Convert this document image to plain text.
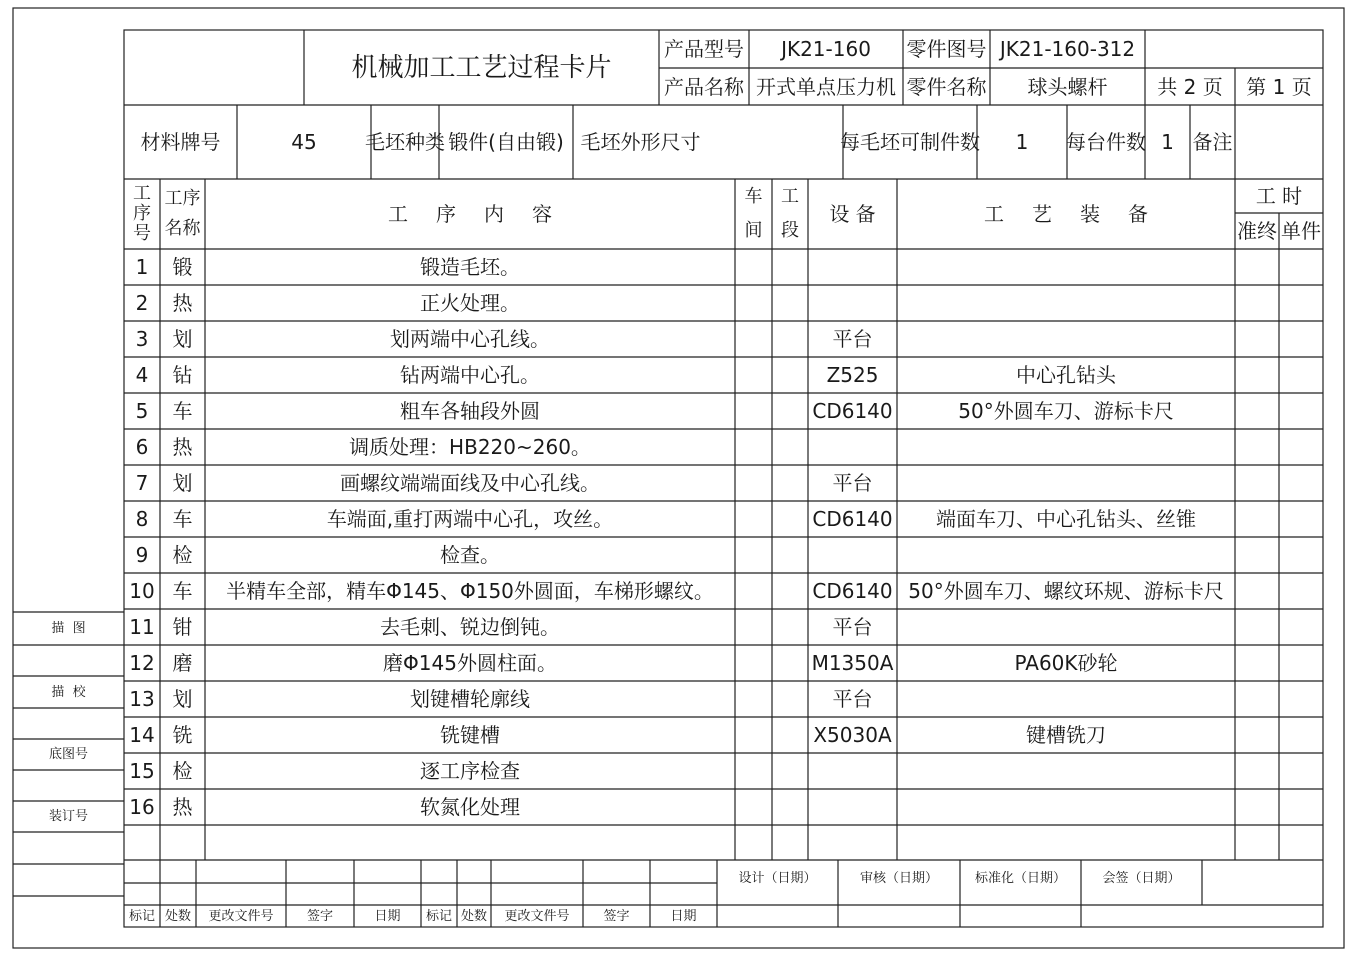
机械加工工艺过程卡片
产品型号	JK21-160	零件图号 JK21-160-312
产品名称 开式单点压力机 零件名称	球头螺杆	共 2 页	第 1 页
材料牌号	45	毛坯种类 锻件(自由锻) 毛坯外形尺寸	每毛坯可制件数	1	每台件数 1 备注
工
序
号
工序
名称
工序内容
车
间
工
段
设 备	工艺装备
工 时
准终 单件
1	锻	锻造毛坯。
2	热	正火处理。
3	划	划两端中心孔线。	平台
4	钻	钻两端中心孔。	Z525	中心孔钻头
5	车	粗车各轴段外圆	CD6140	50°外圆车刀、游标卡尺
6	热	调质处理：HB220~260。
7	划	画螺纹端端面线及中心孔线。	平台
8	车	车端面,重打两端中心孔，攻丝。	CD6140	端面车刀、中心孔钻头、丝锥
9	检	检查。
10 车	半精车全部，精车Φ145、Φ150外圆面，车梯形螺纹。	CD6140 50°外圆车刀、螺纹环规、游标卡尺
11 钳	去毛刺、锐边倒钝。	平台
12 磨	磨Φ145外圆柱面。	M1350A	PA60K砂轮
13 划	划键槽轮廓线	平台
14 铣	铣键槽	X5030A	键槽铣刀
15 检	逐工序检查
16 热	软氮化处理
描  图
描  校
底图号
装订号
标记 处数	更改文件号	签字	日期	标记 处数	更改文件号	签字	日期
设计（日期）	审核（日期）	标准化（日期）	会签（日期）
